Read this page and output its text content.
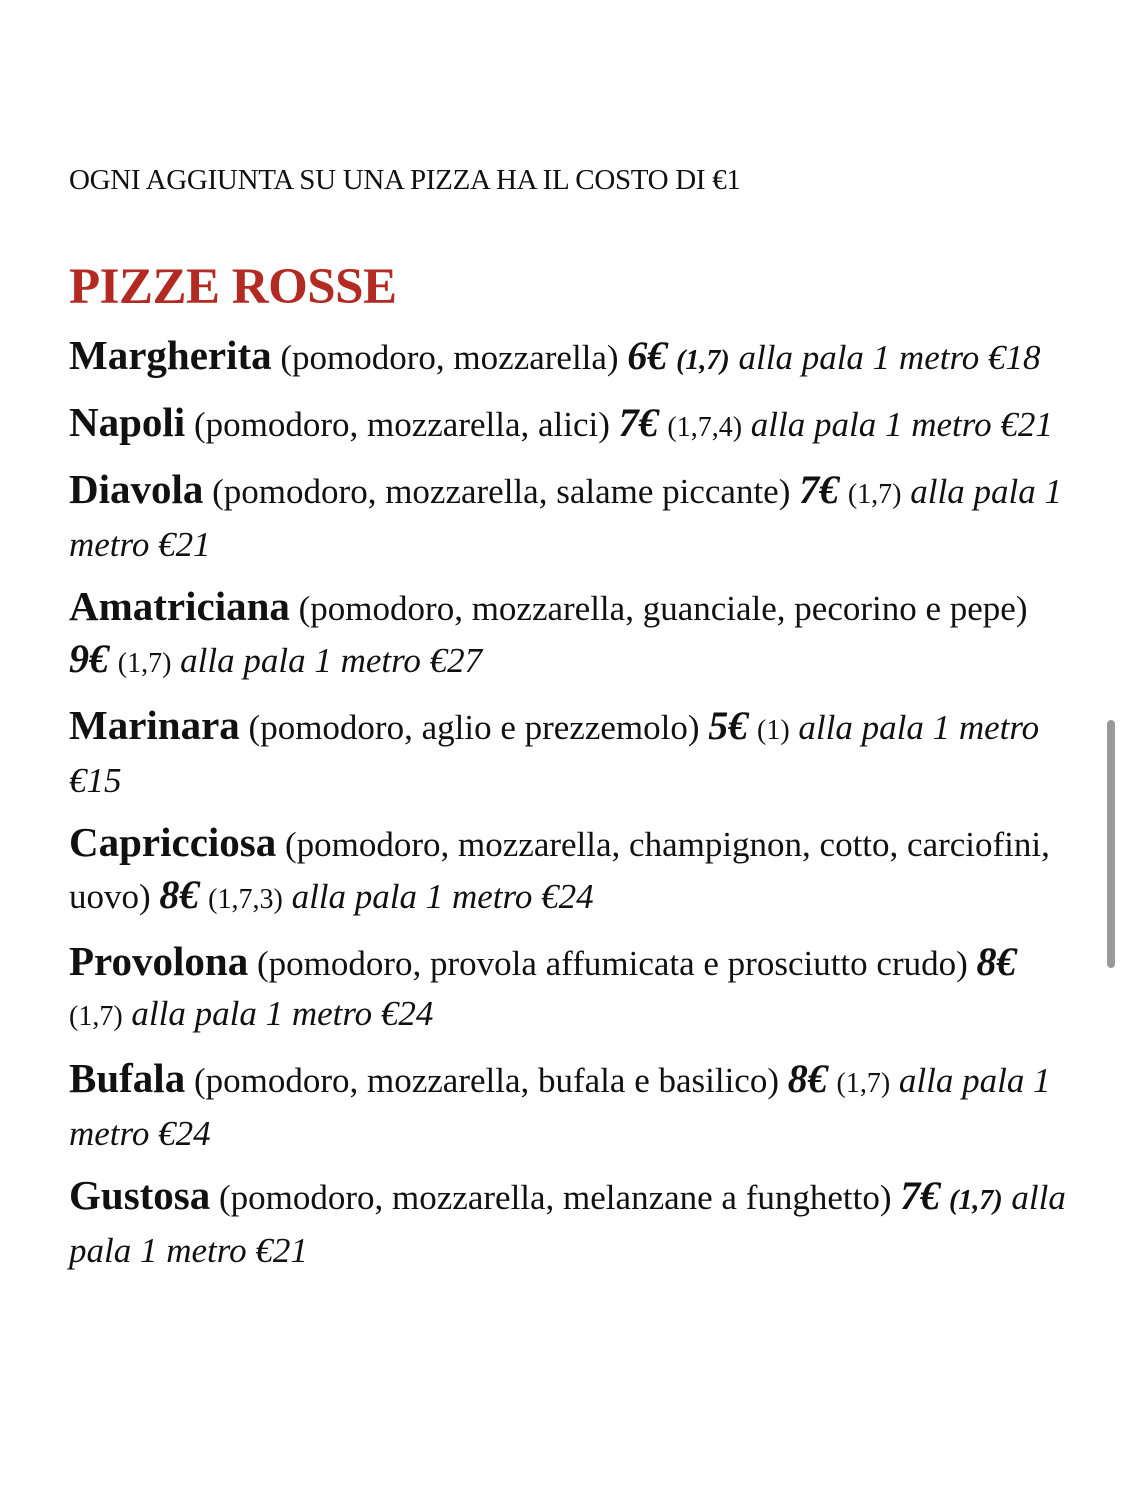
OGNI AGGIUNTA SU UNA PIZZA HA IL COSTO DI €1
PIZZE ROSSE
Margherita (pomodoro, mozzarella) 6€ (1,7) alla pala 1 metro €18
Napoli (pomodoro, mozzarella, alici) 7€ (1,7,4) alla pala 1 metro €21
Diavola (pomodoro, mozzarella, salame piccante) 7€ (1,7) alla pala 1 metro €21
Amatriciana (pomodoro, mozzarella, guanciale, pecorino e pepe) 9€ (1,7) alla pala 1 metro €27
Marinara (pomodoro, aglio e prezzemolo) 5€ (1) alla pala 1 metro €15
Capricciosa (pomodoro, mozzarella, champignon, cotto, carciofini, uovo) 8€ (1,7,3) alla pala 1 metro €24
Provolona (pomodoro, provola affumicata e prosciutto crudo) 8€ (1,7) alla pala 1 metro €24
Bufala (pomodoro, mozzarella, bufala e basilico) 8€ (1,7) alla pala 1 metro €24
Gustosa (pomodoro, mozzarella, melanzane a funghetto) 7€ (1,7) alla pala 1 metro €21
